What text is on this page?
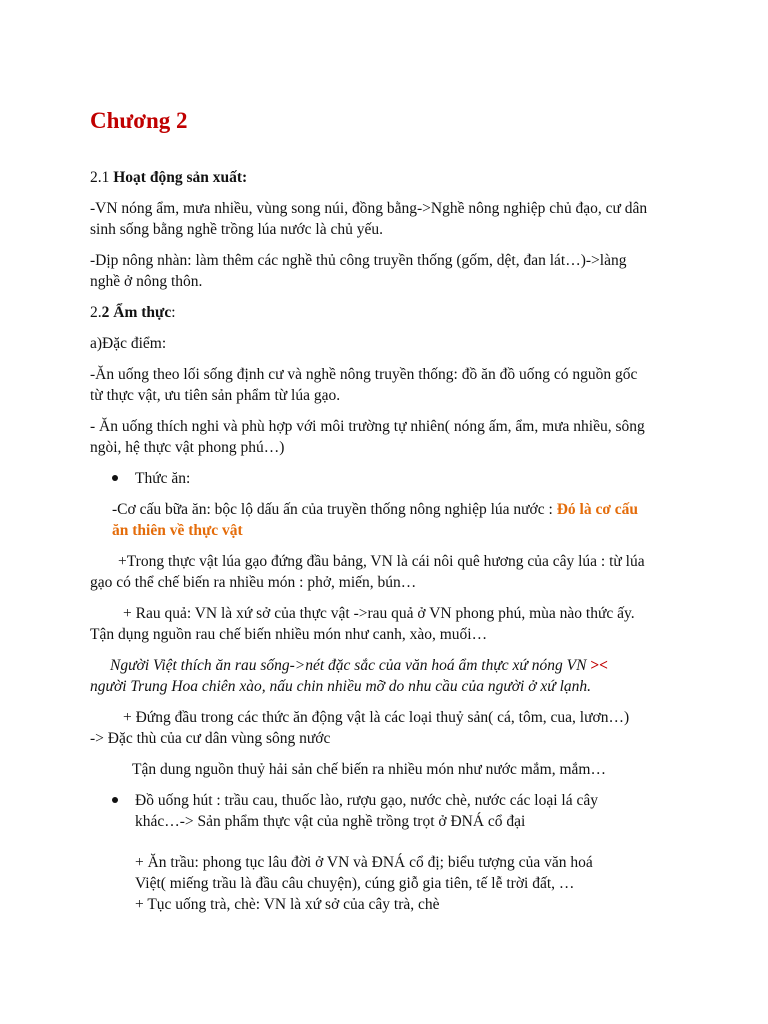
Chương 2

2.1 Hoạt động sản xuất:

-VN nóng ẩm, mưa nhiều, vùng song núi, đồng bằng->Nghề nông nghiệp chủ đạo, cư dân

sinh sống bằng nghề trồng lúa nước là chủ yếu.

-Dịp nông nhàn: làm thêm các nghề thủ công truyền thống (gốm, dệt, đan lát…)->làng

nghề ở nông thôn.

2.2 Ẩm thực:

a)Đặc điểm:

-Ăn uống theo lối sống định cư và nghề nông truyền thống: đồ ăn đồ uống có nguồn gốc

từ thực vật, ưu tiên sản phẩm từ lúa gạo.

- Ăn uống thích nghi và phù hợp với môi trường tự nhiên( nóng ấm, ẩm, mưa nhiều, sông

ngòi, hệ thực vật phong phú…)

Thức ăn:

-Cơ cấu bữa ăn: bộc lộ dấu ấn của truyền thống nông nghiệp lúa nước : Đó là cơ cấu

ăn thiên về thực vật

+Trong thực vật lúa gạo đứng đầu bảng, VN là cái nôi quê hương của cây lúa : từ lúa

gạo có thể chế biến ra nhiều món : phở, miến, bún…

+ Rau quả: VN là xứ sở của thực vật ->rau quả ở VN phong phú, mùa nào thức ấy.

Tận dụng nguồn rau chế biến nhiều món như canh, xào, muối…

Người Việt thích ăn rau sống->nét đặc sắc của văn hoá ẩm thực xứ nóng VN ><

người Trung Hoa chiên xào, nấu chin nhiều mỡ do nhu cầu của người ở xứ lạnh.

+ Đứng đầu trong các thức ăn động vật là các loại thuỷ sản( cá, tôm, cua, lươn…)

-> Đặc thù của cư dân vùng sông nước

Tận dung nguồn thuỷ hải sản chế biến ra nhiều món như nước mắm, mắm…

Đồ uống hút : trầu cau, thuốc lào, rượu gạo, nước chè, nước các loại lá cây

khác…-> Sản phẩm thực vật của nghề trồng trọt ở ĐNÁ cổ đại

+ Ăn trầu: phong tục lâu đời ở VN và ĐNÁ cổ đị; biểu tượng của văn hoá

Việt( miếng trầu là đầu câu chuyện), cúng giỗ gia tiên, tế lễ trời đất, …

+ Tục uống trà, chè: VN là xứ sở của cây trà, chè
